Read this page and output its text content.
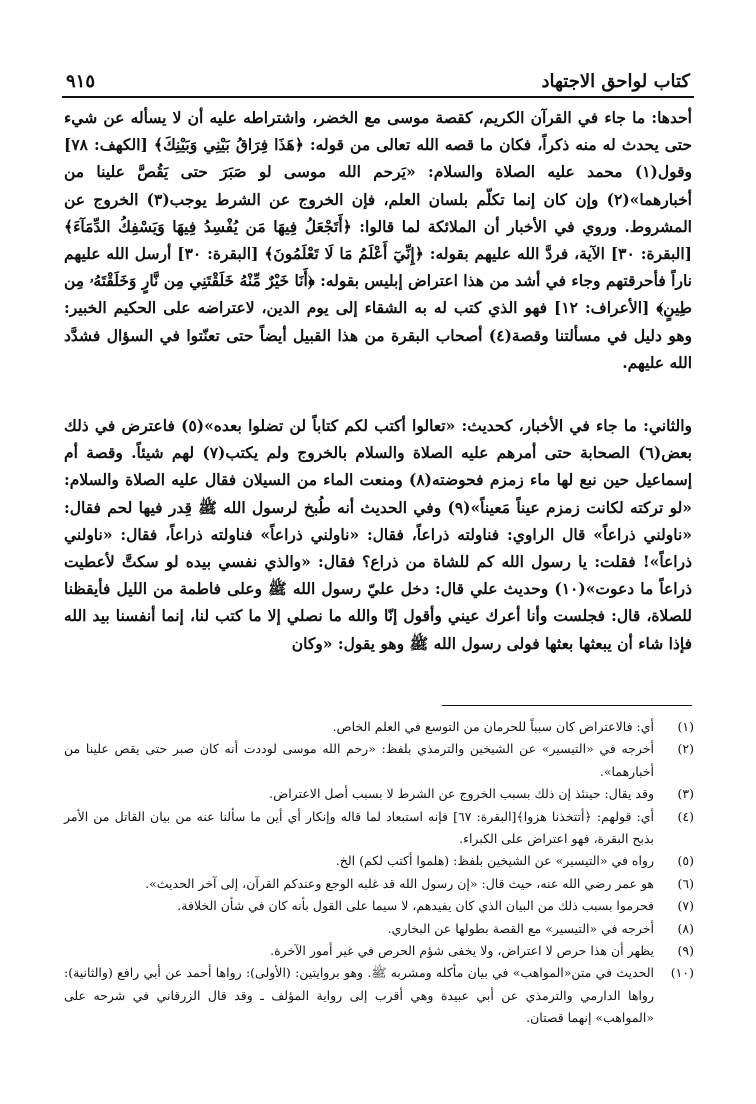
كتاب لواحق الاجتهاد
٩١٥

أحدها: ما جاء في القرآن الكريم، كقصة موسى مع الخضر، واشتراطه عليه أن لا يسأله عن شيء حتى يحدث له منه ذكراً، فكان ما قصه الله تعالى من قوله: ﴿هَذَا فِرَاقُ بَيْنِي وَبَيْنِكَ﴾ [الكهف: ٧٨] وقول(١) محمد عليه الصلاة والسلام: «يَرحم الله موسى لو صَبَرَ حتى يَقُصَّ علينا من أخبارهما»(٢) وإن كان إنما تكلّم بلسان العلم، فإن الخروج عن الشرط يوجب(٣) الخروج عن المشروط. وروي في الأخبار أن الملائكة لما قالوا: ﴿أَتَجْعَلُ فِيهَا مَن يُفْسِدُ فِيهَا وَيَسْفِكُ الدِّمَآءَ﴾ [البقرة: ٣٠] الآية، فردَّ الله عليهم بقوله: ﴿إِنِّيٓ أَعْلَمُ مَا لَا تَعْلَمُونَ﴾ [البقرة: ٣٠] أرسل الله عليهم ناراً فأحرقتهم وجاء في أشد من هذا اعتراض إبليس بقوله: ﴿أَنَا خَيْرٌ مِّنْهُ خَلَقْتَنِي مِن نَّارٍ وَخَلَقْتَهُۥ مِن طِينٍ﴾ [الأعراف: ١٢] فهو الذي كتب له به الشقاء إلى يوم الدين، لاعتراضه على الحكيم الخبير: وهو دليل في مسألتنا وقصة(٤) أصحاب البقرة من هذا القبيل أيضاً حتى تعنّتوا في السؤال فشدَّد الله عليهم.

والثاني: ما جاء في الأخبار، كحديث: «تعالوا أكتب لكم كتاباً لن تضلوا بعده»(٥) فاعترض في ذلك بعض(٦) الصحابة حتى أمرهم عليه الصلاة والسلام بالخروج ولم يكتب(٧) لهم شيئاً. وقصة أم إسماعيل حين نبع لها ماء زمزم فحوضته(٨) ومنعت الماء من السيلان فقال عليه الصلاة والسلام: «لو تركته لكانت زمزم عيناً مَعيناً»(٩) وفي الحديث أنه طُبخ لرسول الله ﷺ قِدر فيها لحم فقال: «ناولني ذراعاً» قال الراوي: فناولته ذراعاً، فقال: «ناولني ذراعاً» فناولته ذراعاً، فقال: «ناولني ذراعاً»! فقلت: يا رسول الله كم للشاة من ذراع؟ فقال: «والذي نفسي بيده لو سكتَّ لأعطيت ذراعاً ما دعوت»(١٠) وحديث علي قال: دخل عليّ رسول الله ﷺ وعلى فاطمة من الليل فأيقظنا للصلاة، قال: فجلست وأنا أعرك عيني وأقول إنّا والله ما نصلي إلا ما كتب لنا، إنما أنفسنا بيد الله فإذا شاء أن يبعثها بعثها فولى رسول الله ﷺ وهو يقول: «وكان

(١)
أي: فالاعتراض كان سبباً للحرمان من التوسع في العلم الخاص.
(٢)
أخرجه في «التيسير» عن الشيخين والترمذي بلفظ: «رحم الله موسى لوددت أنه كان صبر حتى يقص علينا من أخبارهما».
(٣)
وقد يقال: حينئذ إن ذلك بسبب الخروج عن الشرط لا بسبب أصل الاعتراض.
(٤)
أي: قولهم: ﴿أتتخذنا هزوا﴾[البقرة: ٦٧] فإنه استبعاد لما قاله وإنكار أي أين ما سألنا عنه من بيان القاتل من الأمر بذبح البقرة، فهو اعتراض على الكبراء.
(٥)
رواه في «التيسير» عن الشيخين بلفظ: (هلموا أكتب لكم) الخ.
(٦)
هو عمر رضي الله عنه، حيث قال: «إن رسول الله قد غلبه الوجع وعندكم القرآن، إلى آخر الحديث».
(٧)
فحرموا بسبب ذلك من البيان الذي كان يفيدهم، لا سيما على القول بأنه كان في شأن الخلافة.
(٨)
أخرجه في «التيسير» مع القصة بطولها عن البخاري.
(٩)
يظهر أن هذا حرص لا اعتراض، ولا يخفى شؤم الحرص في غير أمور الآخرة.
(١٠)
الحديث في متن«المواهب» في بيان مأكله ومشربه ﷺ. وهو بروايتين: (الأولى): رواها أحمد عن أبي رافع (والثانية): رواها الدارمي والترمذي عن أبي عبيدة وهي أقرب إلى رواية المؤلف ـ وقد قال الزرقاني في شرحه على «المواهب» إنهما قصتان.
